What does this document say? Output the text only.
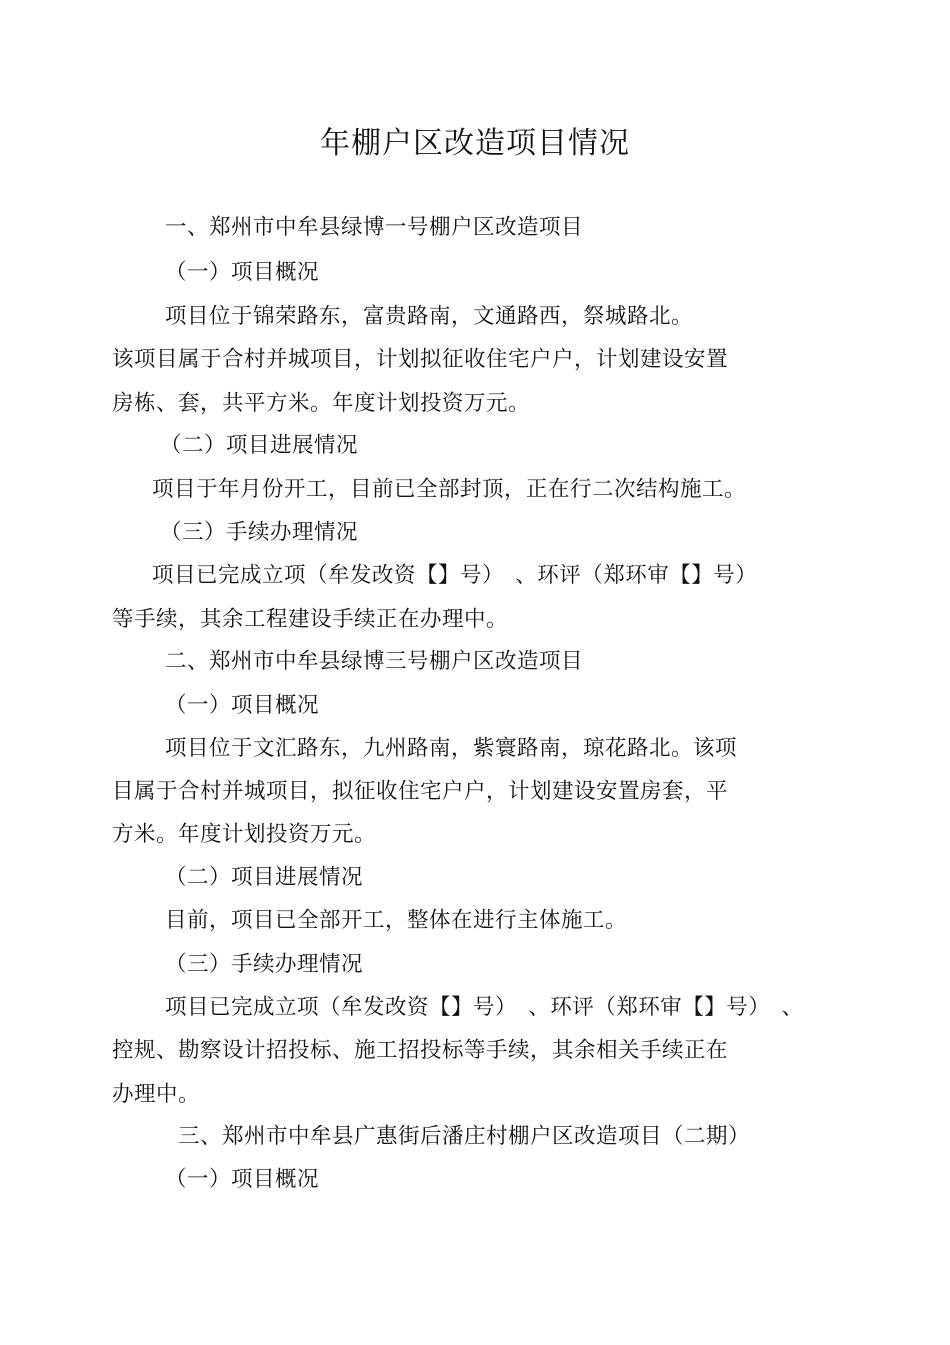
年棚户区改造项目情况
一、郑州市中牟县绿博一号棚户区改造项目
（一）项目概况
项目位于锦荣路东，富贵路南，文通路西，祭城路北。
该项目属于合村并城项目，计划拟征收住宅户户，计划建设安置
房栋、套，共平方米。年度计划投资万元。
（二）项目进展情况
项目于年月份开工，目前已全部封顶，正在行二次结构施工。
（三）手续办理情况
项目已完成立项（牟发改资【】号）　、环评（郑环审【】号）
等手续，其余工程建设手续正在办理中。
二、郑州市中牟县绿博三号棚户区改造项目
（一）项目概况
项目位于文汇路东，九州路南，紫寰路南，琼花路北。该项
目属于合村并城项目，拟征收住宅户户，计划建设安置房套，平
方米。年度计划投资万元。
（二）项目进展情况
目前，项目已全部开工，整体在进行主体施工。
（三）手续办理情况
项目已完成立项（牟发改资【】号）　、环评（郑环审【】号）　、
控规、勘察设计招投标、施工招投标等手续，其余相关手续正在
办理中。
三、郑州市中牟县广惠街后潘庄村棚户区改造项目（二期）
（一）项目概况
